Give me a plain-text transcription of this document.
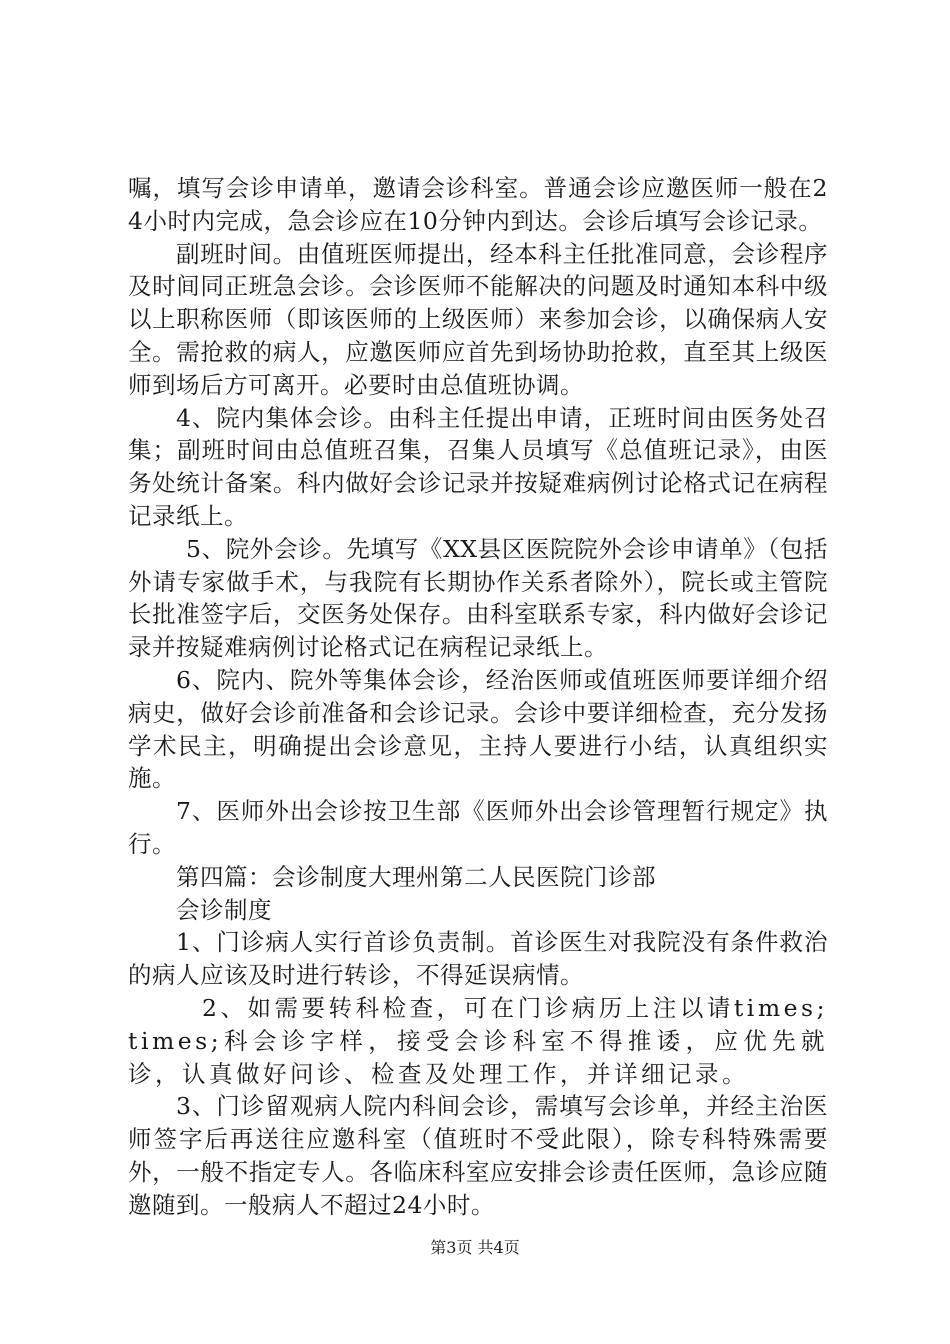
嘱，填写会诊申请单，邀请会诊科室。普通会诊应邀医师一般在24小时内完成，急会诊应在10分钟内到达。会诊后填写会诊记录。

副班时间。由值班医师提出，经本科主任批准同意，会诊程序及时间同正班急会诊。会诊医师不能解决的问题及时通知本科中级以上职称医师（即该医师的上级医师）来参加会诊，以确保病人安全。需抢救的病人，应邀医师应首先到场协助抢救，直至其上级医师到场后方可离开。必要时由总值班协调。

4、院内集体会诊。由科主任提出申请，正班时间由医务处召集；副班时间由总值班召集，召集人员填写《总值班记录》，由医务处统计备案。科内做好会诊记录并按疑难病例讨论格式记在病程记录纸上。

5、院外会诊。先填写《XX县区医院院外会诊申请单》（包括外请专家做手术，与我院有长期协作关系者除外），院长或主管院长批准签字后，交医务处保存。由科室联系专家，科内做好会诊记录并按疑难病例讨论格式记在病程记录纸上。

6、院内、院外等集体会诊，经治医师或值班医师要详细介绍病史，做好会诊前准备和会诊记录。会诊中要详细检查，充分发扬学术民主，明确提出会诊意见，主持人要进行小结，认真组织实施。

7、医师外出会诊按卫生部《医师外出会诊管理暂行规定》执行。

第四篇：会诊制度大理州第二人民医院门诊部

会诊制度

1、门诊病人实行首诊负责制。首诊医生对我院没有条件救治的病人应该及时进行转诊，不得延误病情。

2、如需要转科检查，可在门诊病历上注以请times;times;科会诊字样，接受会诊科室不得推诿，应优先就诊，认真做好问诊、检查及处理工作，并详细记录。

3、门诊留观病人院内科间会诊，需填写会诊单，并经主治医师签字后再送往应邀科室（值班时不受此限），除专科特殊需要外，一般不指定专人。各临床科室应安排会诊责任医师，急诊应随邀随到。一般病人不超过24小时。

第3页 共4页
